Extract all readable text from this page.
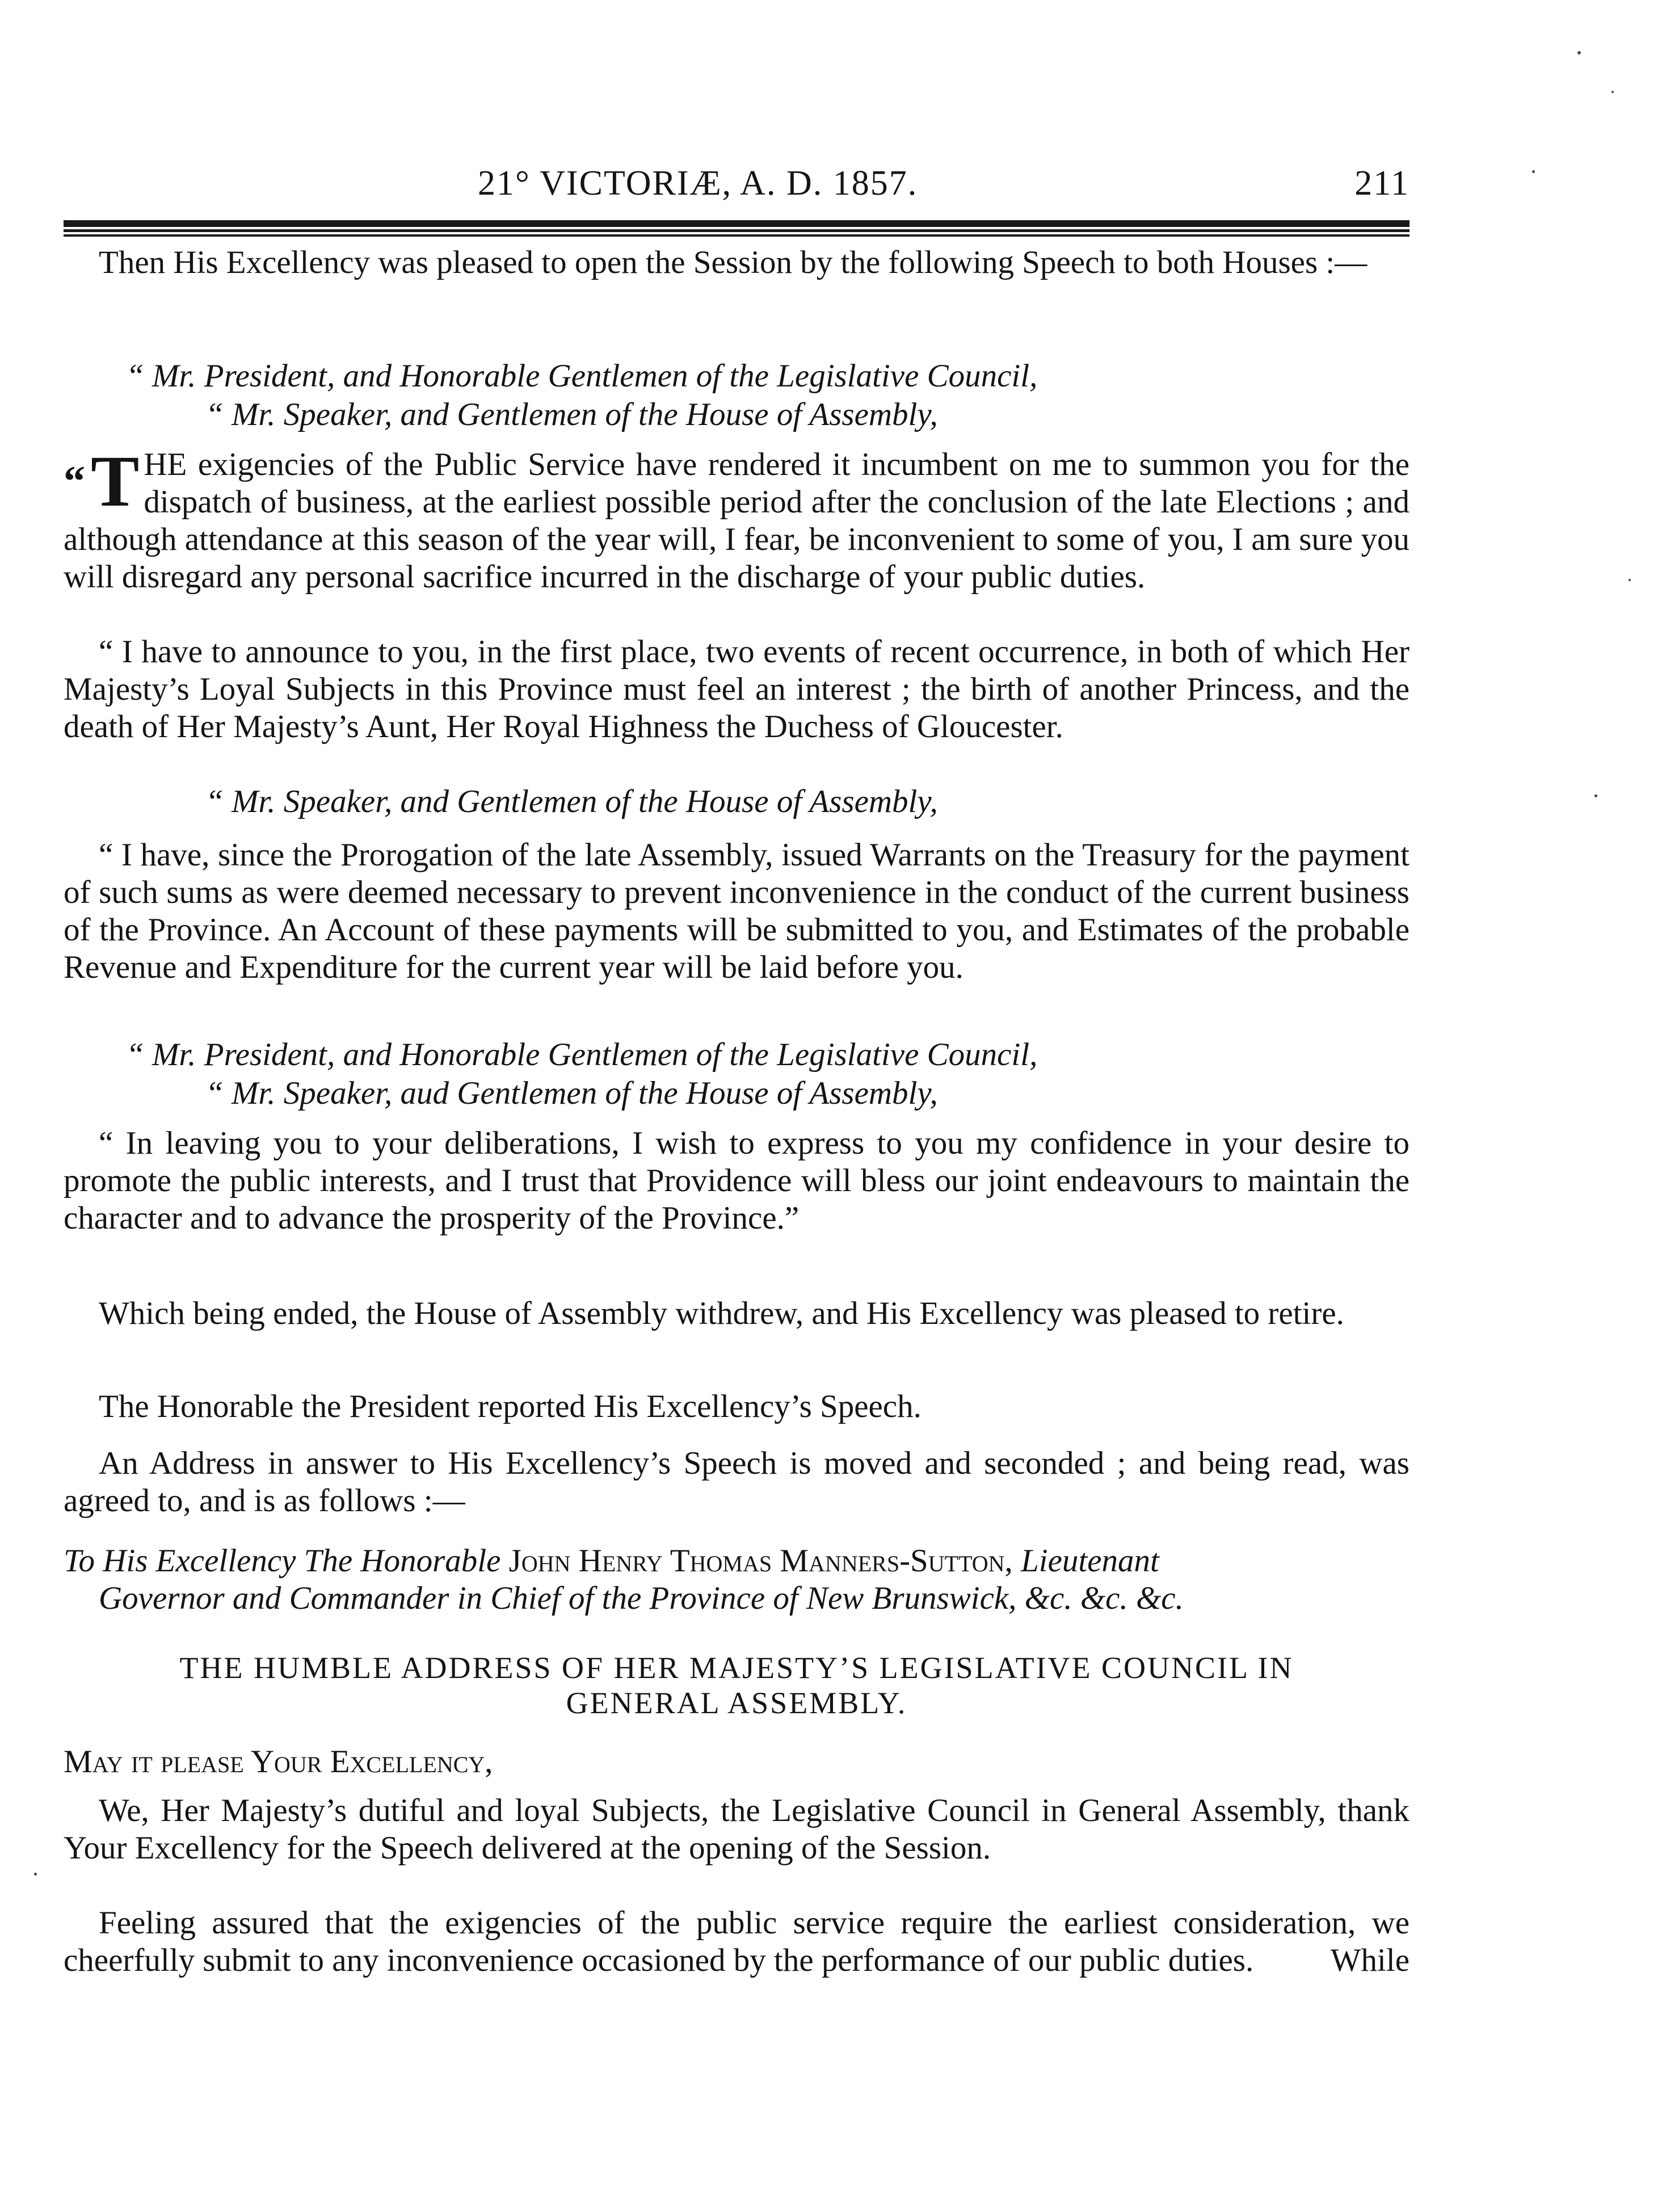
21° VICTORIÆ, A. D. 1857.	211

Then His Excellency was pleased to open the Session by the following Speech to both Houses :—

“ Mr. President, and Honorable Gentlemen of the Legislative Council,
“ Mr. Speaker, and Gentlemen of the House of Assembly,
“T HE exigencies of the Public Service have rendered it incumbent on me to summon you for the dispatch of business, at the earliest possible period after the conclusion of the late Elections ; and although attendance at this season of the year will, I fear, be inconvenient to some of you, I am sure you will disregard any personal sacrifice incurred in the discharge of your public duties.

“ I have to announce to you, in the first place, two events of recent occurrence, in both of which Her Majesty’s Loyal Subjects in this Province must feel an interest ; the birth of another Princess, and the death of Her Majesty’s Aunt, Her Royal Highness the Duchess of Gloucester.

“ Mr. Speaker, and Gentlemen of the House of Assembly,

“ I have, since the Prorogation of the late Assembly, issued Warrants on the Treasury for the payment of such sums as were deemed necessary to prevent inconvenience in the conduct of the current business of the Province. An Account of these payments will be submitted to you, and Estimates of the probable Revenue and Expenditure for the current year will be laid before you.

“ Mr. President, and Honorable Gentlemen of the Legislative Council,
“ Mr. Speaker, aud Gentlemen of the House of Assembly,

“ In leaving you to your deliberations, I wish to express to you my confidence in your desire to promote the public interests, and I trust that Providence will bless our joint endeavours to maintain the character and to advance the prosperity of the Province.”

Which being ended, the House of Assembly withdrew, and His Excellency was pleased to retire.

The Honorable the President reported His Excellency’s Speech.

An Address in answer to His Excellency’s Speech is moved and seconded ; and being read, was agreed to, and is as follows :—

To His Excellency The Honorable John Henry Thomas Manners-Sutton, Lieutenant
Governor and Commander in Chief of the Province of New Brunswick, &c. &c. &c.
THE HUMBLE ADDRESS OF HER MAJESTY’S LEGISLATIVE COUNCIL IN
GENERAL ASSEMBLY.
May it please Your Excellency,

We, Her Majesty’s dutiful and loyal Subjects, the Legislative Council in General Assembly, thank Your Excellency for the Speech delivered at the opening of the Session.

Feeling assured that the exigencies of the public service require the earliest consideration, we cheerfully submit to any inconvenience occasioned by the performance of our public duties.	While
